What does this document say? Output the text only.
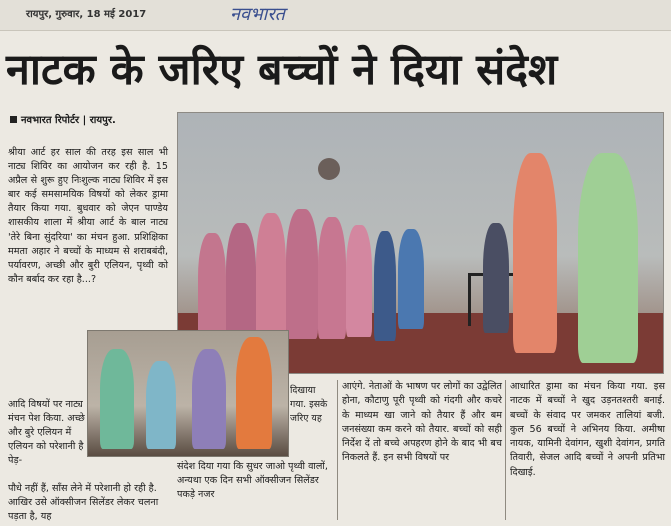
रायपुर, गुरुवार, 18 मई 2017	नवभारत
नाटक के जरिए बच्चों ने दिया संदेश
नवभारत रिपोर्टर | रायपुर.
श्रीया आर्ट हर साल की तरह इस साल भी नाट्य शिविर का आयोजन कर रही है. 15 अप्रैल से शुरू हुए निःशुल्क नाट्य शिविर में इस बार कई समसामयिक विषयों को लेकर ड्रामा तैयार किया गया. बुधवार को जेएन पाण्डेय शासकीय शाला में श्रीया आर्ट के बाल नाट्य 'तेरे बिना सुंदरिया' का मंचन हुआ. प्रशिक्षिका ममता अहार ने बच्चों के माध्यम से शराबबंदी, पर्यावरण, अच्छी और बुरी एलियन, पृथ्वी को कौन बर्बाद कर रहा है...?
आदि विषयों पर नाट्य मंचन पेश किया. अच्छे और बुरे एलियन में एलियन को परेशानी है पेड़-
पौधे नहीं हैं, साँस लेने में परेशानी हो रही है. आखिर उसे ऑक्सीजन सिलेंडर लेकर चलना पड़ता है, यह
दिखाया गया. इसके जरिए यह
संदेश दिया गया कि सुधर जाओ पृथ्वी वालों, अन्यथा एक दिन सभी ऑक्सीजन सिलेंडर पकड़े नजर
आएंगे. नेताओं के भाषण पर लोगों का उद्वेलित होना, कौटाणु पूरी पृथ्वी को गंदगी और कचरे के माध्यम खा जाने को तैयार हैं और बम जनसंख्या कम करने को तैयार. बच्चों को सही निर्देश दें तो बच्चे अपहरण होने के बाद भी बच निकलते हैं. इन सभी विषयों पर
आधारित ड्रामा का मंचन किया गया. इस नाटक में बच्चों ने खुद उड़नतश्तरी बनाई. बच्चों के संवाद पर जमकर तालियां बजी. कुल 56 बच्चों ने अभिनय किया. अमीषा नायक, यामिनी देवांगन, खुशी देवांगन, प्रगति तिवारी, सेजल आदि बच्चों ने अपनी प्रतिभा दिखाई.
